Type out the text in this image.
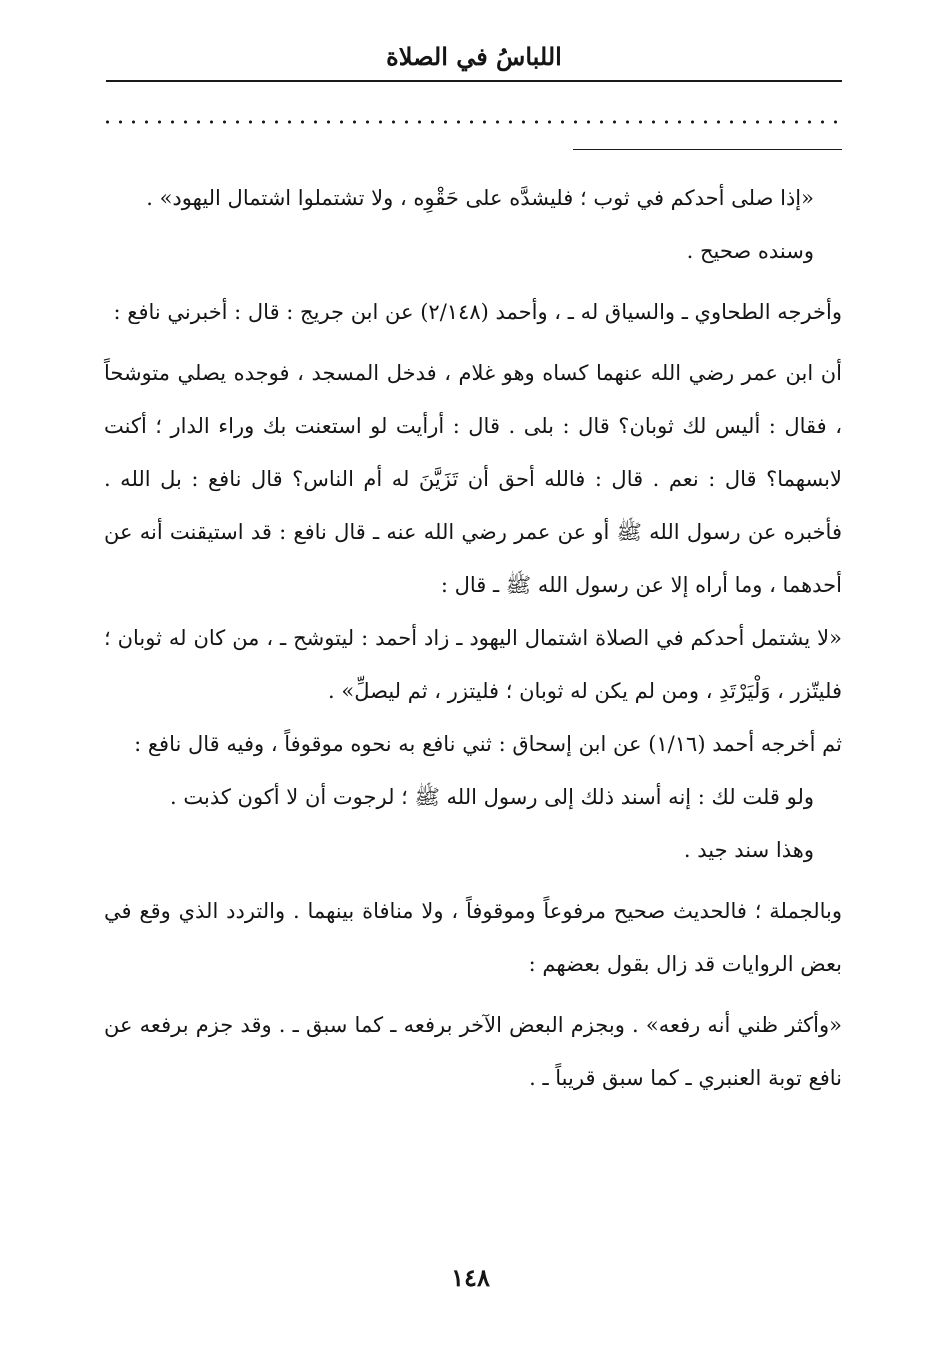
اللباسُ في الصلاة

«إذا صلى أحدكم في ثوب ؛ فليشدَّه على حَقْوِه ، ولا تشتملوا اشتمال اليهود» .

وسنده صحيح .

وأخرجه الطحاوي ـ والسياق له ـ ، وأحمد (٢/١٤٨) عن ابن جريج : قال : أخبرني نافع :

أن ابن عمر رضي الله عنهما كساه وهو غلام ، فدخل المسجد ، فوجده يصلي متوشحاً ، فقال : أليس لك ثوبان؟ قال : بلى . قال : أرأيت لو استعنت بك وراء الدار ؛ أكنت لابسهما؟ قال : نعم . قال : فالله أحق أن تَزَيَّنَ له أم الناس؟ قال نافع : بل الله . فأخبره عن رسول الله ﷺ أو عن عمر رضي الله عنه ـ قال نافع : قد استيقنت أنه عن أحدهما ، وما أراه إلا عن رسول الله ﷺ ـ قال :

«لا يشتمل أحدكم في الصلاة اشتمال اليهود ـ زاد أحمد : ليتوشح ـ ، من كان له ثوبان ؛ فليتّزر ، وَلْيَرْتَدِ ، ومن لم يكن له ثوبان ؛ فليتزر ، ثم ليصلِّ» .

ثم أخرجه أحمد (١/١٦) عن ابن إسحاق : ثني نافع به نحوه موقوفاً ، وفيه قال نافع :

ولو قلت لك : إنه أسند ذلك إلى رسول الله ﷺ ؛ لرجوت أن لا أكون كذبت .

وهذا سند جيد .

وبالجملة ؛ فالحديث صحيح مرفوعاً وموقوفاً ، ولا منافاة بينهما . والتردد الذي وقع في بعض الروايات قد زال بقول بعضهم :

«وأكثر ظني أنه رفعه» . وبجزم البعض الآخر برفعه ـ كما سبق ـ . وقد جزم برفعه عن نافع توبة العنبري ـ كما سبق قريباً ـ .

١٤٨
